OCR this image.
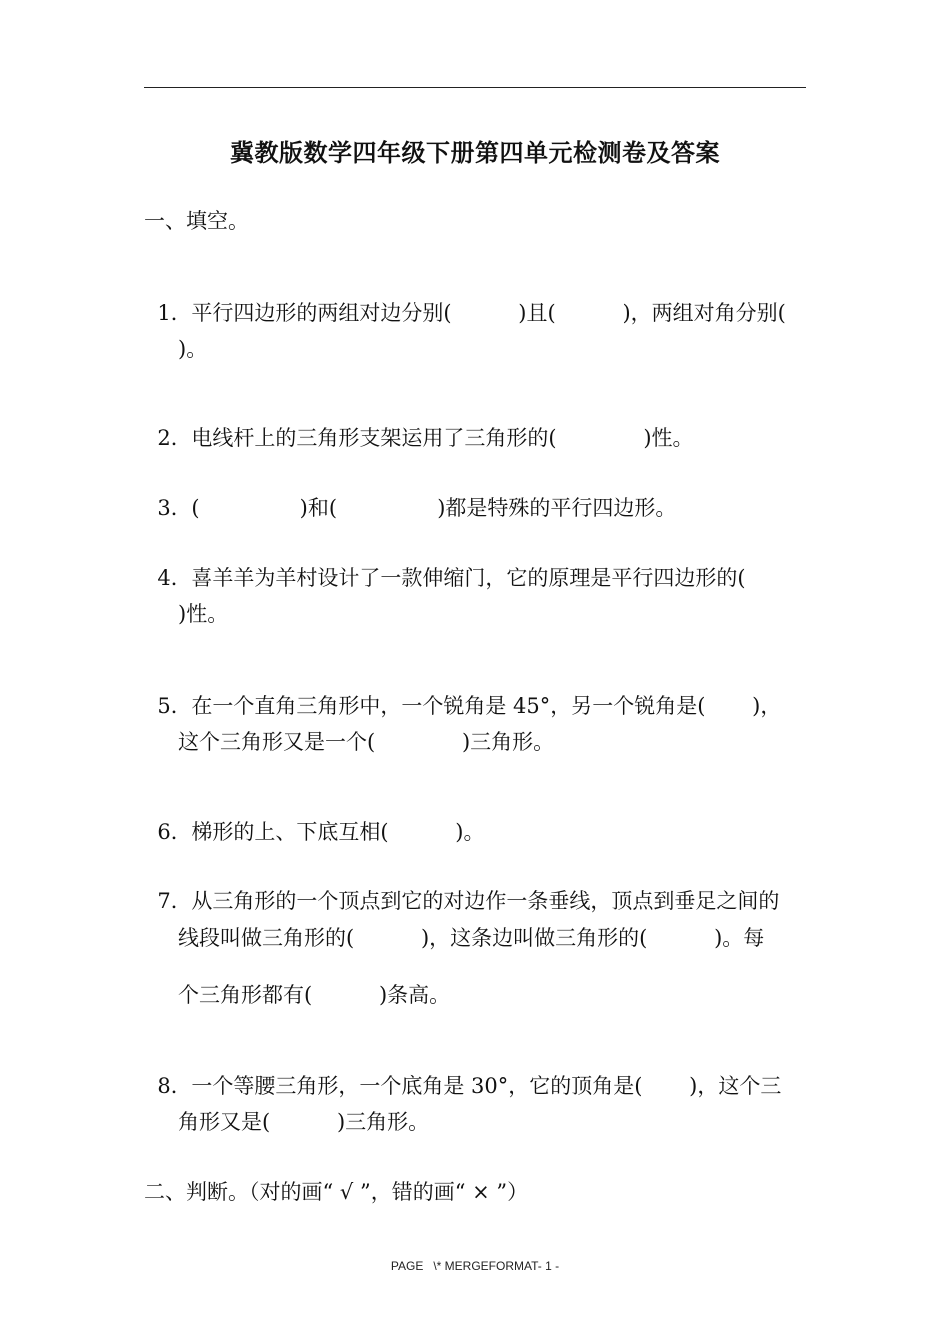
冀教版数学四年级下册第四单元检测卷及答案
一、填空。

1．平行四边形的两组对边分别(          )且(          )，两组对角分别(

)。

2．电线杆上的三角形支架运用了三角形的(             )性。

3．(               )和(               )都是特殊的平行四边形。

4．喜羊羊为羊村设计了一款伸缩门，它的原理是平行四边形的(

)性。

5．在一个直角三角形中，一个锐角是 45°，另一个锐角是(       )，

这个三角形又是一个(             )三角形。

6．梯形的上、下底互相(          )。

7．从三角形的一个顶点到它的对边作一条垂线，顶点到垂足之间的

线段叫做三角形的(          )，这条边叫做三角形的(          )。每
个三角形都有(          )条高。

8．一个等腰三角形，一个底角是 30°，它的顶角是(       )，这个三

角形又是(          )三角形。
二、判断。（对的画“ √ ”，错的画“ × ”）
PAGE   \* MERGEFORMAT- 1 -
